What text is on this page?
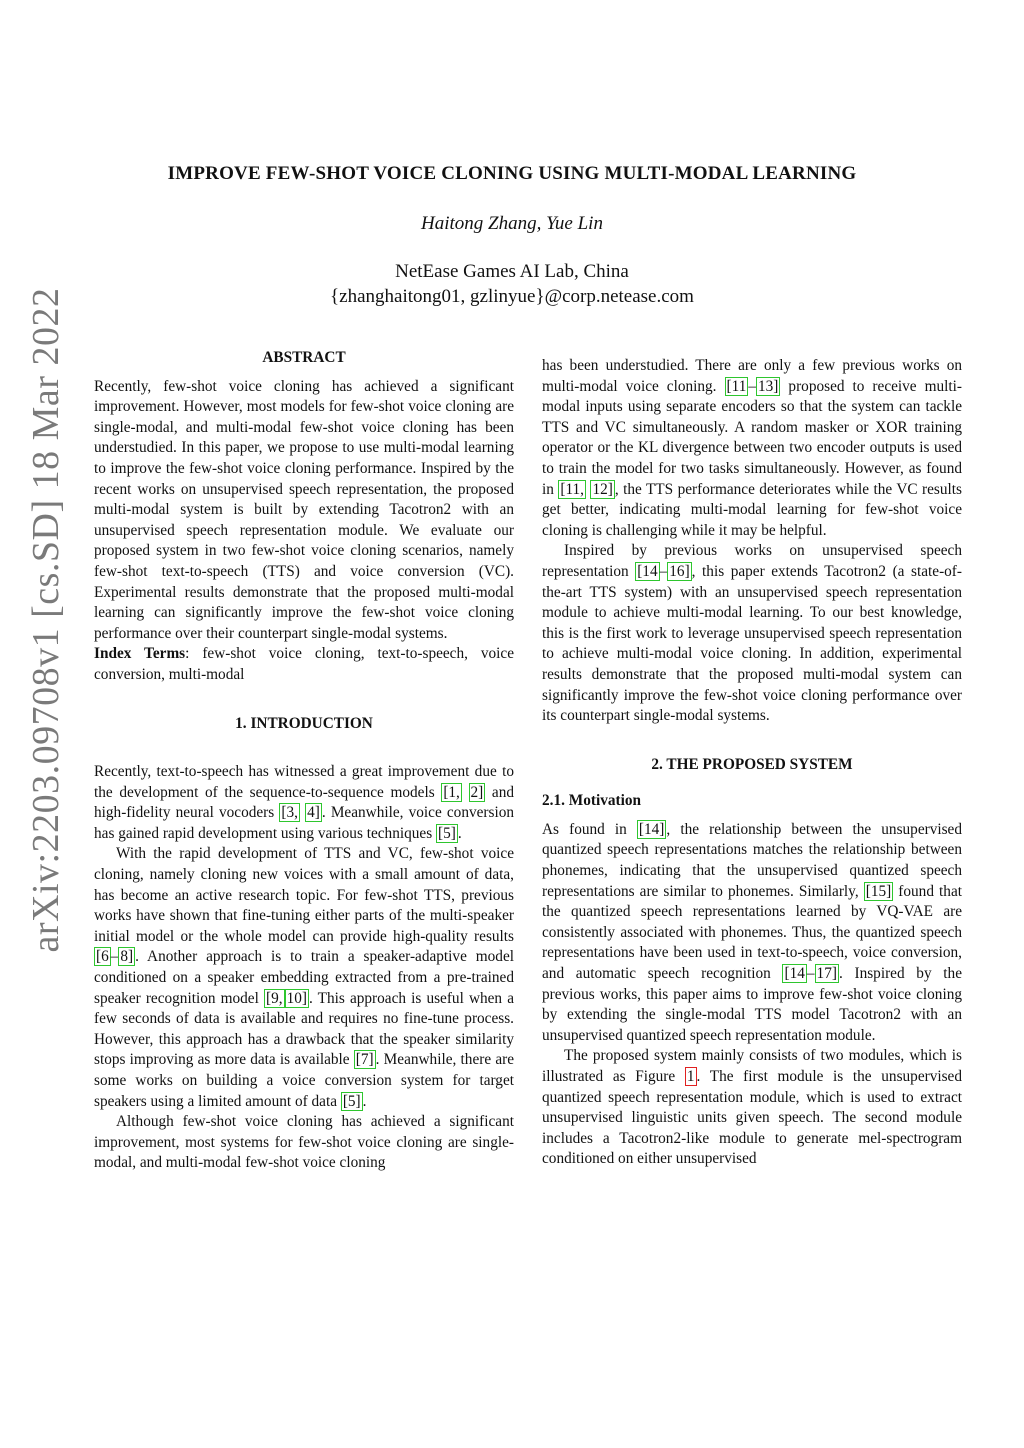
arXiv:2203.09708v1 [cs.SD] 18 Mar 2022
IMPROVE FEW-SHOT VOICE CLONING USING MULTI-MODAL LEARNING
Haitong Zhang, Yue Lin
NetEase Games AI Lab, China
{zhanghaitong01, gzlinyue}@corp.netease.com

ABSTRACT

Recently, few-shot voice cloning has achieved a significant improvement. However, most models for few-shot voice cloning are single-modal, and multi-modal few-shot voice cloning has been understudied. In this paper, we propose to use multi-modal learning to improve the few-shot voice cloning performance. Inspired by the recent works on unsupervised speech representation, the proposed multi-modal system is built by extending Tacotron2 with an unsupervised speech representation module. We evaluate our proposed system in two few-shot voice cloning scenarios, namely few-shot text-to-speech (TTS) and voice conversion (VC). Experimental results demonstrate that the proposed multi-modal learning can significantly improve the few-shot voice cloning performance over their counterpart single-modal systems.

Index Terms: few-shot voice cloning, text-to-speech, voice conversion, multi-modal

1. INTRODUCTION

Recently, text-to-speech has witnessed a great improvement due to the development of the sequence-to-sequence models [1, 2] and high-fidelity neural vocoders [3, 4] . Meanwhile, voice conversion has gained rapid development using various techniques [5] .

With the rapid development of TTS and VC, few-shot voice cloning, namely cloning new voices with a small amount of data, has become an active research topic. For few-shot TTS, previous works have shown that fine-tuning either parts of the multi-speaker initial model or the whole model can provide high-quality results [6 – 8] . Another approach is to train a speaker-adaptive model conditioned on a speaker embedding extracted from a pre-trained speaker recognition model [9, 10] . This approach is useful when a few seconds of data is available and requires no fine-tune process. However, this approach has a drawback that the speaker similarity stops improving as more data is available [7] . Meanwhile, there are some works on building a voice conversion system for target speakers using a limited amount of data [5] .

Although few-shot voice cloning has achieved a significant improvement, most systems for few-shot voice cloning are single-modal, and multi-modal few-shot voice cloning

has been understudied. There are only a few previous works on multi-modal voice cloning. [11 – 13] proposed to receive multi-modal inputs using separate encoders so that the system can tackle TTS and VC simultaneously. A random masker or XOR training operator or the KL divergence between two encoder outputs is used to train the model for two tasks simultaneously. However, as found in [11, 12] , the TTS performance deteriorates while the VC results get better, indicating multi-modal learning for few-shot voice cloning is challenging while it may be helpful.

Inspired by previous works on unsupervised speech representation [14 – 16] , this paper extends Tacotron2 (a state-of-the-art TTS system) with an unsupervised speech representation module to achieve multi-modal learning. To our best knowledge, this is the first work to leverage unsupervised speech representation to achieve multi-modal voice cloning. In addition, experimental results demonstrate that the proposed multi-modal system can significantly improve the few-shot voice cloning performance over its counterpart single-modal systems.

2. THE PROPOSED SYSTEM

2.1. Motivation

As found in [14] , the relationship between the unsupervised quantized speech representations matches the relationship between phonemes, indicating that the unsupervised quantized speech representations are similar to phonemes. Similarly, [15] found that the quantized speech representations learned by VQ-VAE are consistently associated with phonemes. Thus, the quantized speech representations have been used in text-to-speech, voice conversion, and automatic speech recognition [14 – 17] . Inspired by the previous works, this paper aims to improve few-shot voice cloning by extending the single-modal TTS model Tacotron2 with an unsupervised quantized speech representation module.

The proposed system mainly consists of two modules, which is illustrated as Figure 1 . The first module is the unsupervised quantized speech representation module, which is used to extract unsupervised linguistic units given speech. The second module includes a Tacotron2-like module to generate mel-spectrogram conditioned on either unsupervised
